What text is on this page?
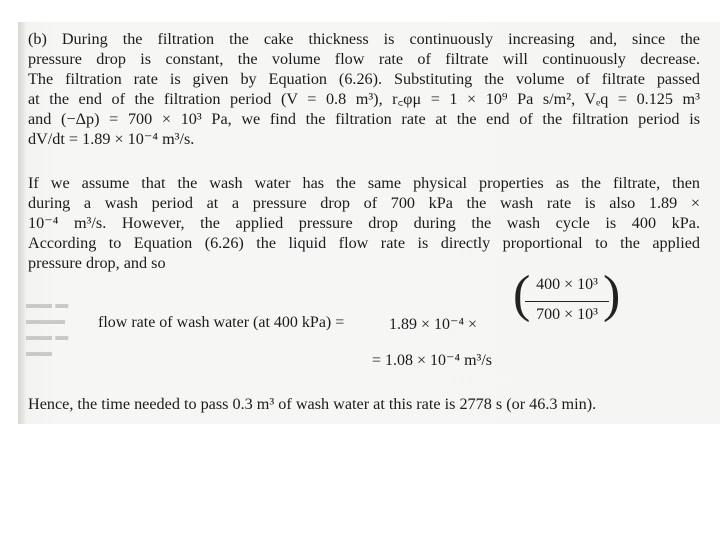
(b) During the filtration the cake thickness is continuously increasing and, since the
pressure drop is constant, the volume flow rate of filtrate will continuously decrease.
The filtration rate is given by Equation (6.26). Substituting the volume of filtrate passed
at the end of the filtration period (V = 0.8 m³), r꜀φμ = 1 × 10⁹ Pa s/m², Vₑq = 0.125 m³
and (−Δp) = 700 × 10³ Pa, we find the filtration rate at the end of the filtration period is
dV/dt = 1.89 × 10⁻⁴ m³/s.
If we assume that the wash water has the same physical properties as the filtrate, then
during a wash period at a pressure drop of 700 kPa the wash rate is also 1.89 ×
10⁻⁴ m³/s. However, the applied pressure drop during the wash cycle is 400 kPa.
According to Equation (6.26) the liquid flow rate is directly proportional to the applied
pressure drop, and so
▬▬ ▬
▬▬▬
▬▬ ▬
▬▬
flow rate of wash water (at 400 kPa) =	1.89 × 10⁻⁴ ×
( 400 × 10³
700 × 10³ )
= 1.08 × 10⁻⁴ m³/s
Hence, the time needed to pass 0.3 m³ of wash water at this rate is 2778 s (or 46.3 min).
